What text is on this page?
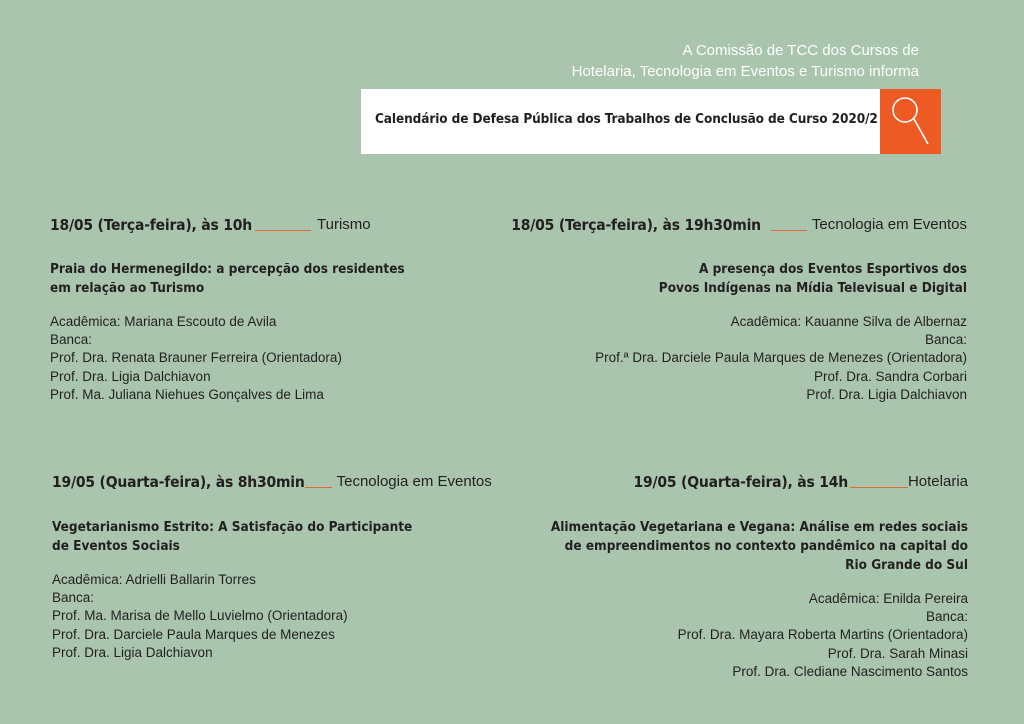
A Comissão de TCC dos Cursos de
Hotelaria, Tecnologia em Eventos e Turismo informa
Calendário de Defesa Pública dos Trabalhos de Conclusão de Curso 2020/2
18/05 (Terça-feira), às 10h	Turismo
Praia do Hermenegildo: a percepção dos residentes
em relação ao Turismo
Acadêmica: Mariana Escouto de Avila
Banca:
Prof. Dra. Renata Brauner Ferreira (Orientadora)
Prof. Dra. Ligia Dalchiavon
Prof. Ma. Juliana Niehues Gonçalves de Lima
18/05 (Terça-feira), às 19h30min	Tecnologia em Eventos
A presença dos Eventos Esportivos dos
Povos Indígenas na Mídia Televisual e Digital
Acadêmica: Kauanne Silva de Albernaz
Banca:
Prof.ª Dra. Darciele Paula Marques de Menezes (Orientadora)
Prof. Dra. Sandra Corbari
Prof. Dra. Ligia Dalchiavon
19/05 (Quarta-feira), às 8h30min Tecnologia em Eventos
Vegetarianismo Estrito: A Satisfação do Participante
de Eventos Sociais
Acadêmica: Adrielli Ballarin Torres
Banca:
Prof. Ma. Marisa de Mello Luvielmo (Orientadora)
Prof. Dra. Darciele Paula Marques de Menezes
Prof. Dra. Ligia Dalchiavon
19/05 (Quarta-feira), às 14h	Hotelaria
Alimentação Vegetariana e Vegana: Análise em redes sociais
de empreendimentos no contexto pandêmico na capital do
Rio Grande do Sul
Acadêmica: Enilda Pereira
Banca:
Prof. Dra. Mayara Roberta Martins (Orientadora)
Prof. Dra. Sarah Minasi
Prof. Dra. Clediane Nascimento Santos
